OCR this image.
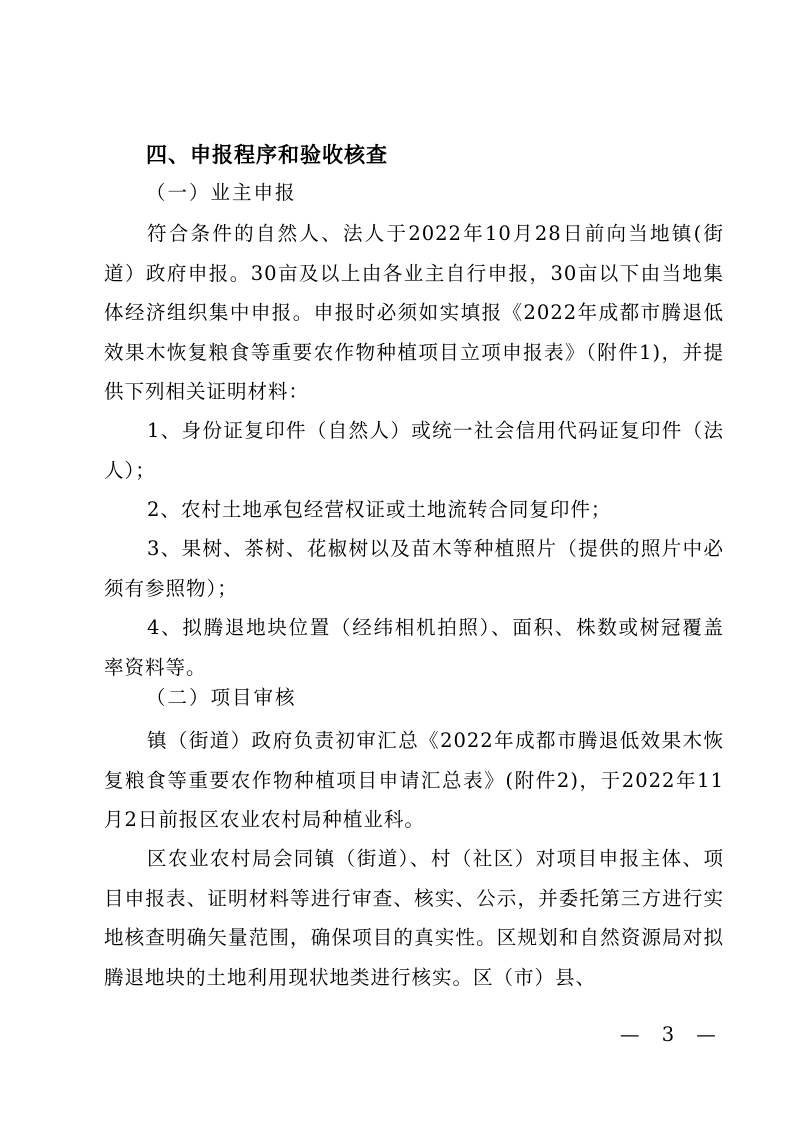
四、申报程序和验收核查
（一）业主申报

符合条件的自然人、法人于2022年10月28日前向当地镇(街道）政府申报。30亩及以上由各业主自行申报，30亩以下由当地集体经济组织集中申报。申报时必须如实填报《2022年成都市腾退低效果木恢复粮食等重要农作物种植项目立项申报表》（附件1)，并提供下列相关证明材料：

1、身份证复印件（自然人）或统一社会信用代码证复印件（法人）；

2、农村土地承包经营权证或土地流转合同复印件；

3、果树、茶树、花椒树以及苗木等种植照片（提供的照片中必须有参照物）；

4、拟腾退地块位置（经纬相机拍照）、面积、株数或树冠覆盖率资料等。

（二）项目审核

镇（街道）政府负责初审汇总《2022年成都市腾退低效果木恢复粮食等重要农作物种植项目申请汇总表》(附件2)，于2022年11月2日前报区农业农村局种植业科。

区农业农村局会同镇（街道）、村（社区）对项目申报主体、项目申报表、证明材料等进行审查、核实、公示，并委托第三方进行实地核查明确矢量范围，确保项目的真实性。区规划和自然资源局对拟腾退地块的土地利用现状地类进行核实。区（市）县、

— 3 —
